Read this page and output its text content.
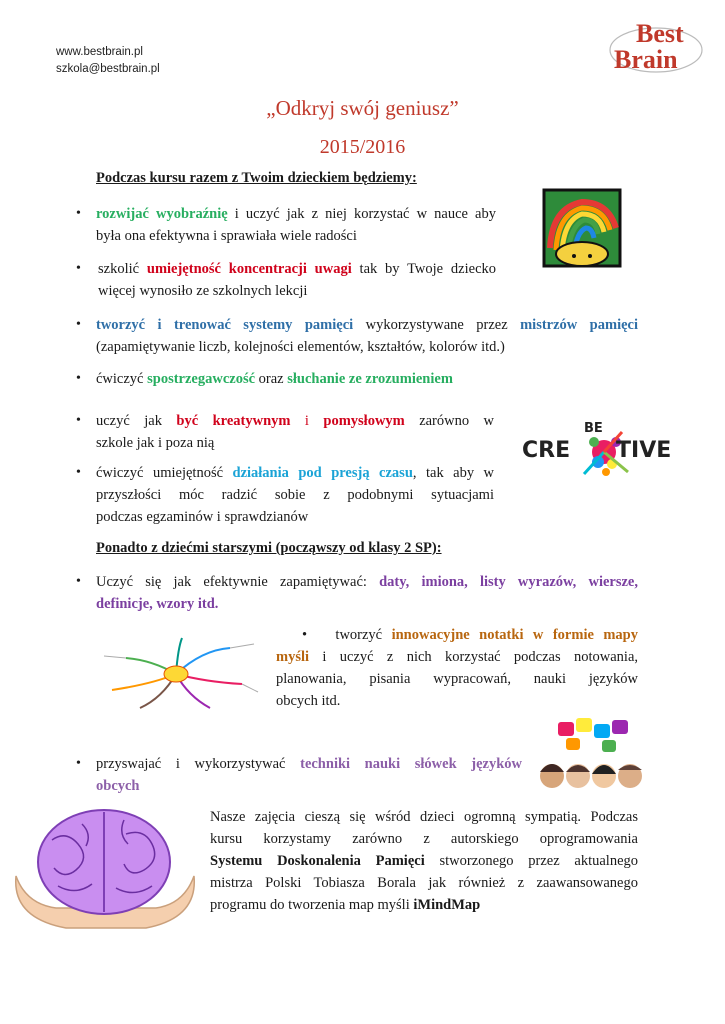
www.bestbrain.pl
szkola@bestbrain.pl
Best
Brain
„Odkryj swój geniusz”
2015/2016
Podczas kursu razem z Twoim dzieckiem będziemy:
• rozwijać wyobraźnię i uczyć jak z niej korzystać w nauce aby
była ona efektywna i sprawiała wiele radości
• szkolić umiejętność koncentracji uwagi tak by Twoje dziecko
więcej wynosiło ze szkolnych lekcji
• tworzyć i trenować systemy pamięci wykorzystywane przez mistrzów pamięci
(zapamiętywanie liczb, kolejności elementów, kształtów, kolorów itd.)
• ćwiczyć spostrzegawczość oraz słuchanie ze zrozumieniem
• uczyć jak być kreatywnym i pomysłowym zarówno w
szkole jak i poza nią	CRE TIVE
BE
• ćwiczyć umiejętność działania pod presją czasu, tak aby w
przyszłości móc radzić sobie z podobnymi sytuacjami
podczas egzaminów i sprawdzianów
Ponadto z dziećmi starszymi (począwszy od klasy 2 SP):
• Uczyć się jak efektywnie zapamiętywać: daty, imiona, listy wyrazów, wiersze,
definicje, wzory itd.
• tworzyć innowacyjne notatki w formie mapy
myśli i uczyć z nich korzystać podczas notowania,
planowania, pisania wypracowań, nauki języków
obcych itd.
• przyswajać i wykorzystywać techniki nauki słówek języków
obcych
Nasze zajęcia cieszą się wśród dzieci ogromną sympatią. Podczas
kursu korzystamy zarówno z autorskiego oprogramowania
Systemu Doskonalenia Pamięci stworzonego przez aktualnego
mistrza Polski Tobiasza Borala jak również z zaawansowanego
programu do tworzenia map myśli iMindMap
